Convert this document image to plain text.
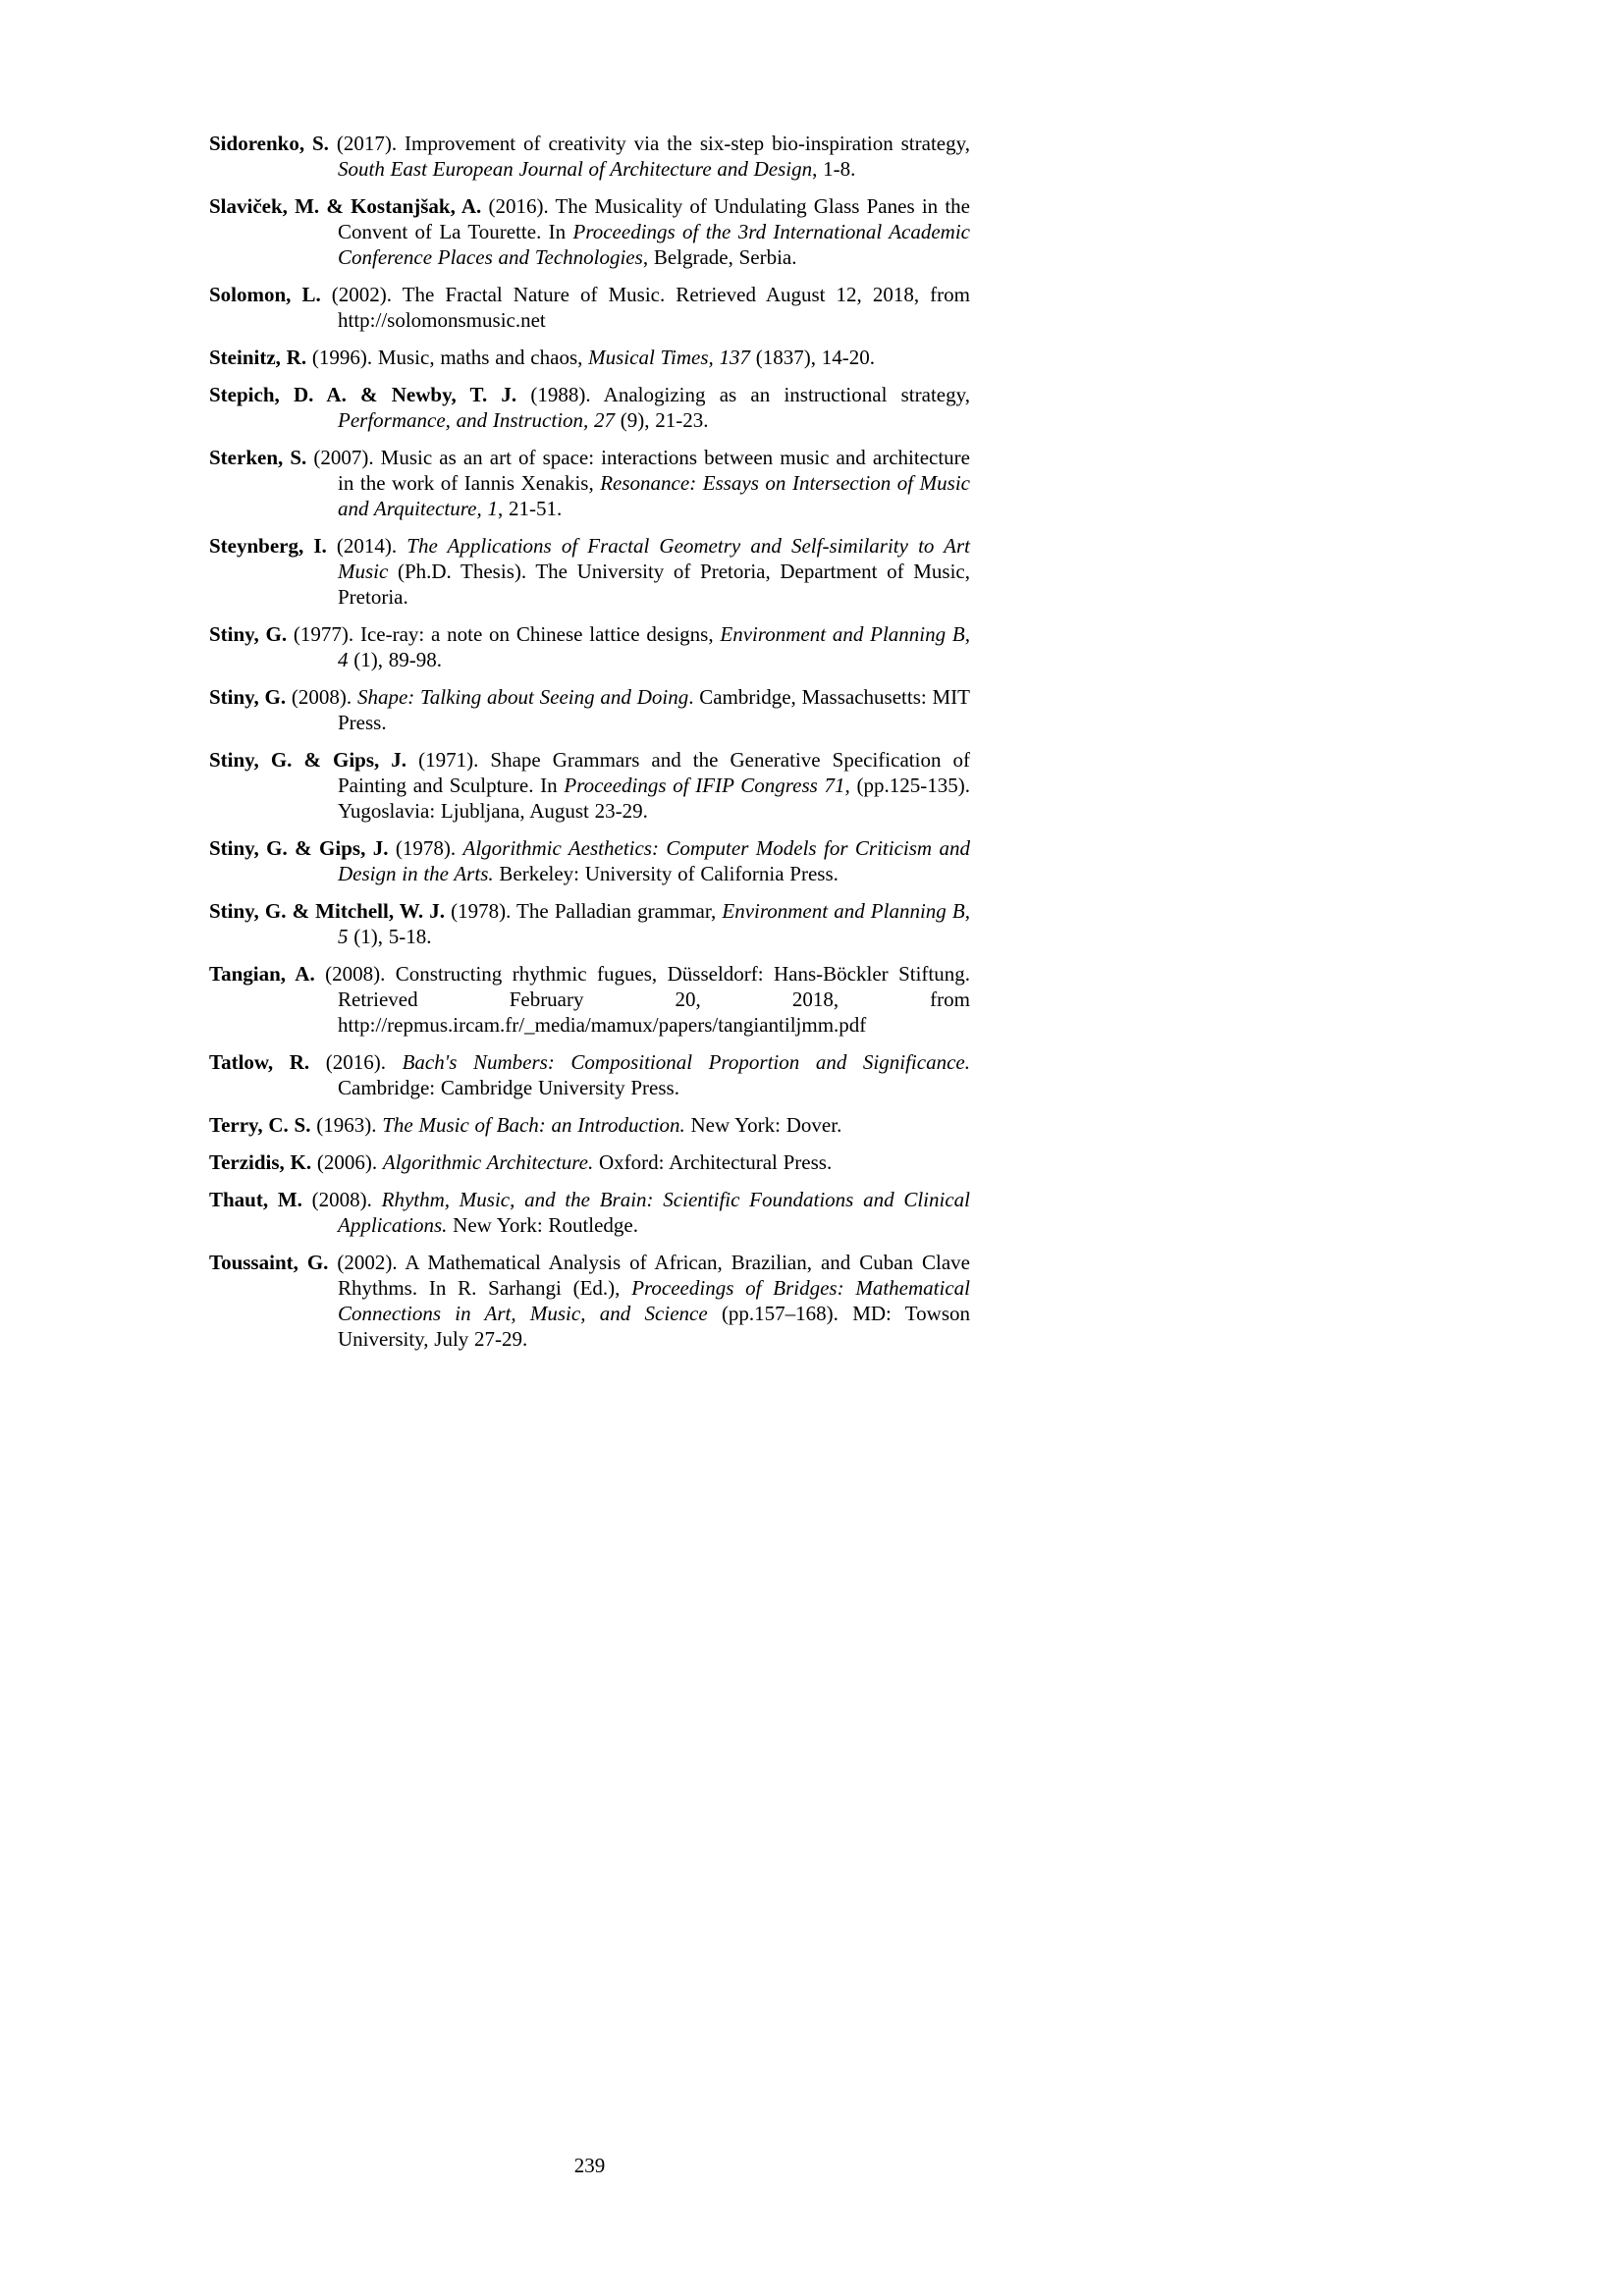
Sidorenko, S. (2017). Improvement of creativity via the six-step bio-inspiration strategy, South East European Journal of Architecture and Design, 1-8.

Slaviček, M. & Kostanjšak, A. (2016). The Musicality of Undulating Glass Panes in the Convent of La Tourette. In Proceedings of the 3rd International Academic Conference Places and Technologies, Belgrade, Serbia.

Solomon, L. (2002). The Fractal Nature of Music. Retrieved August 12, 2018, from http://solomonsmusic.net

Steinitz, R. (1996). Music, maths and chaos, Musical Times, 137 (1837), 14-20.

Stepich, D. A. & Newby, T. J. (1988). Analogizing as an instructional strategy, Performance, and Instruction, 27 (9), 21-23.

Sterken, S. (2007). Music as an art of space: interactions between music and architecture in the work of Iannis Xenakis, Resonance: Essays on Intersection of Music and Arquitecture, 1, 21-51.

Steynberg, I. (2014). The Applications of Fractal Geometry and Self-similarity to Art Music (Ph.D. Thesis). The University of Pretoria, Department of Music, Pretoria.

Stiny, G. (1977). Ice-ray: a note on Chinese lattice designs, Environment and Planning B, 4 (1), 89-98.

Stiny, G. (2008). Shape: Talking about Seeing and Doing. Cambridge, Massachusetts: MIT Press.

Stiny, G. & Gips, J. (1971). Shape Grammars and the Generative Specification of Painting and Sculpture. In Proceedings of IFIP Congress 71, (pp.125-135). Yugoslavia: Ljubljana, August 23-29.

Stiny, G. & Gips, J. (1978). Algorithmic Aesthetics: Computer Models for Criticism and Design in the Arts. Berkeley: University of California Press.

Stiny, G. & Mitchell, W. J. (1978). The Palladian grammar, Environment and Planning B, 5 (1), 5-18.

Tangian, A. (2008). Constructing rhythmic fugues, Düsseldorf: Hans-Böckler Stiftung. Retrieved February 20, 2018, from http://repmus.ircam.fr/_media/mamux/papers/tangiantiljmm.pdf

Tatlow, R. (2016). Bach's Numbers: Compositional Proportion and Significance. Cambridge: Cambridge University Press.

Terry, C. S. (1963). The Music of Bach: an Introduction. New York: Dover.

Terzidis, K. (2006). Algorithmic Architecture. Oxford: Architectural Press.

Thaut, M. (2008). Rhythm, Music, and the Brain: Scientific Foundations and Clinical Applications. New York: Routledge.

Toussaint, G. (2002). A Mathematical Analysis of African, Brazilian, and Cuban Clave Rhythms. In R. Sarhangi (Ed.), Proceedings of Bridges: Mathematical Connections in Art, Music, and Science (pp.157–168). MD: Towson University, July 27-29.

239
